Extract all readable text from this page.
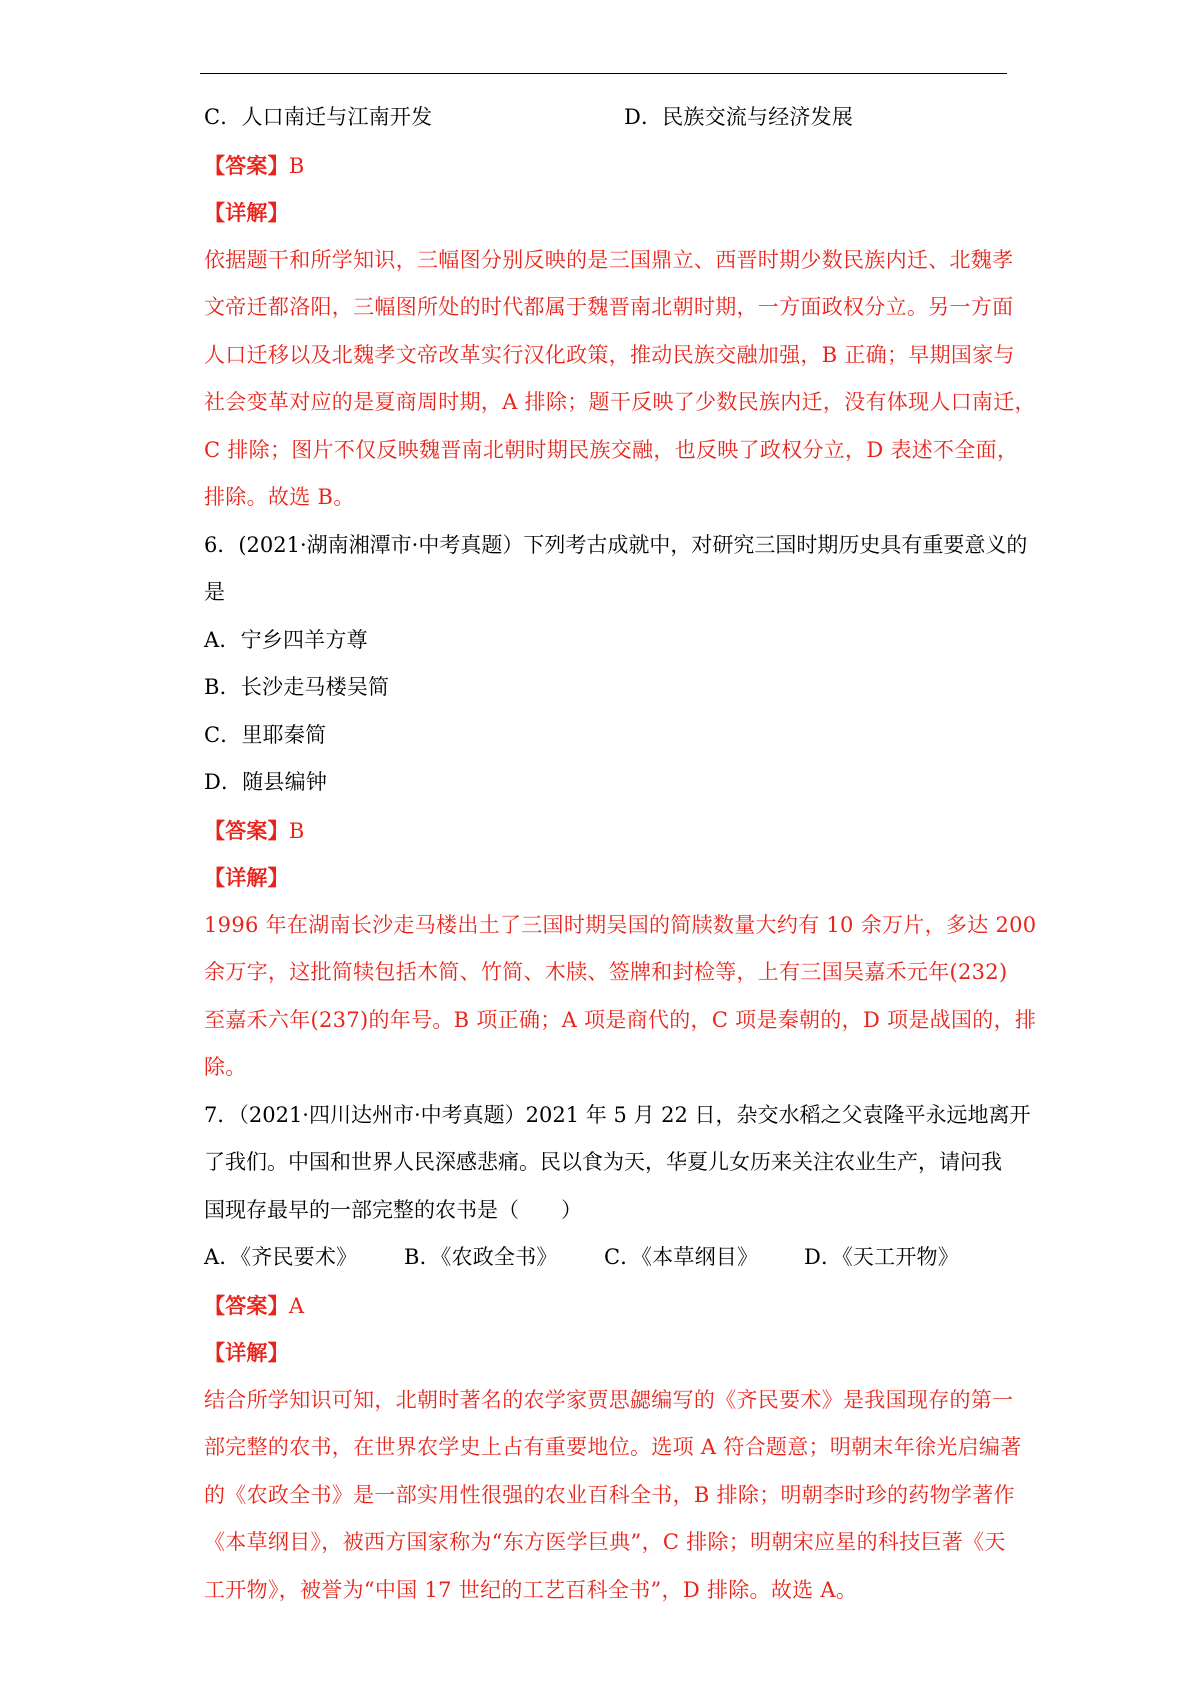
C．人口南迁与江南开发	D．民族交流与经济发展
【答案】B
【详解】
依据题干和所学知识，三幅图分别反映的是三国鼎立、西晋时期少数民族内迁、北魏孝
文帝迁都洛阳，三幅图所处的时代都属于魏晋南北朝时期，一方面政权分立。另一方面
人口迁移以及北魏孝文帝改革实行汉化政策，推动民族交融加强，B 正确；早期国家与
社会变革对应的是夏商周时期，A 排除；题干反映了少数民族内迁，没有体现人口南迁，
C 排除；图片不仅反映魏晋南北朝时期民族交融，也反映了政权分立，D 表述不全面，
排除。故选 B。
6．(2021·湖南湘潭市·中考真题）下列考古成就中，对研究三国时期历史具有重要意义的
是
A．宁乡四羊方尊
B．长沙走马楼吴简
C．里耶秦简
D．随县编钟
【答案】B
【详解】
1996 年在湖南长沙走马楼出土了三国时期吴国的简牍数量大约有 10 余万片，多达 200
余万字，这批简犊包括木简、竹简、木牍、签牌和封检等，上有三国吴嘉禾元年(232)
至嘉禾六年(237)的年号。B 项正确；A 项是商代的，C 项是秦朝的，D 项是战国的，排
除。
7．（2021·四川达州市·中考真题）2021 年 5 月 22 日，杂交水稻之父袁隆平永远地离开
了我们。中国和世界人民深感悲痛。民以食为天，华夏儿女历来关注农业生产，请问我
国现存最早的一部完整的农书是（　　）
A．《齐民要术》	B．《农政全书》	C．《本草纲目》	D．《天工开物》
【答案】A
【详解】
结合所学知识可知，北朝时著名的农学家贾思勰编写的《齐民要术》是我国现存的第一
部完整的农书，在世界农学史上占有重要地位。选项 A 符合题意；明朝末年徐光启编著
的《农政全书》是一部实用性很强的农业百科全书，B 排除；明朝李时珍的药物学著作
《本草纲目》，被西方国家称为“东方医学巨典”，C 排除；明朝宋应星的科技巨著《天
工开物》，被誉为“中国 17 世纪的工艺百科全书”，D 排除。故选 A。
